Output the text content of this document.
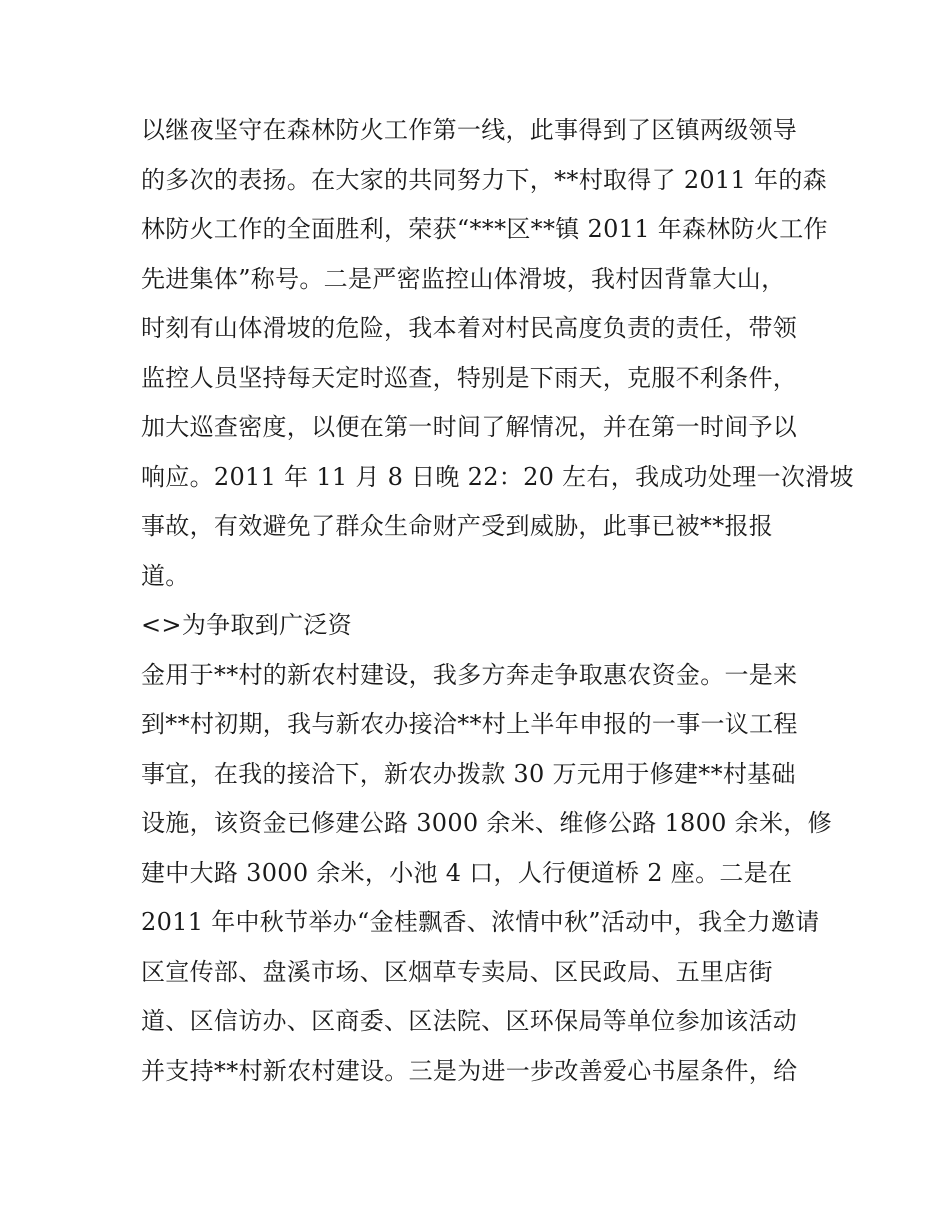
以继夜坚守在森林防火工作第一线，此事得到了区镇两级领导
的多次的表扬。在大家的共同努力下，**村取得了 2011 年的森
林防火工作的全面胜利，荣获“***区**镇 2011 年森林防火工作
先进集体”称号。二是严密监控山体滑坡，我村因背靠大山，
时刻有山体滑坡的危险，我本着对村民高度负责的责任，带领
监控人员坚持每天定时巡查，特别是下雨天，克服不利条件，
加大巡查密度，以便在第一时间了解情况，并在第一时间予以
响应。2011 年 11 月 8 日晚 22：20 左右，我成功处理一次滑坡
事故，有效避免了群众生命财产受到威胁，此事已被**报报
道。
<>为争取到广泛资
金用于**村的新农村建设，我多方奔走争取惠农资金。一是来
到**村初期，我与新农办接洽**村上半年申报的一事一议工程
事宜，在我的接洽下，新农办拨款 30 万元用于修建**村基础
设施，该资金已修建公路 3000 余米、维修公路 1800 余米，修
建中大路 3000 余米，小池 4 口，人行便道桥 2 座。二是在
2011 年中秋节举办“金桂飘香、浓情中秋”活动中，我全力邀请
区宣传部、盘溪市场、区烟草专卖局、区民政局、五里店街
道、区信访办、区商委、区法院、区环保局等单位参加该活动
并支持**村新农村建设。三是为进一步改善爱心书屋条件，给
